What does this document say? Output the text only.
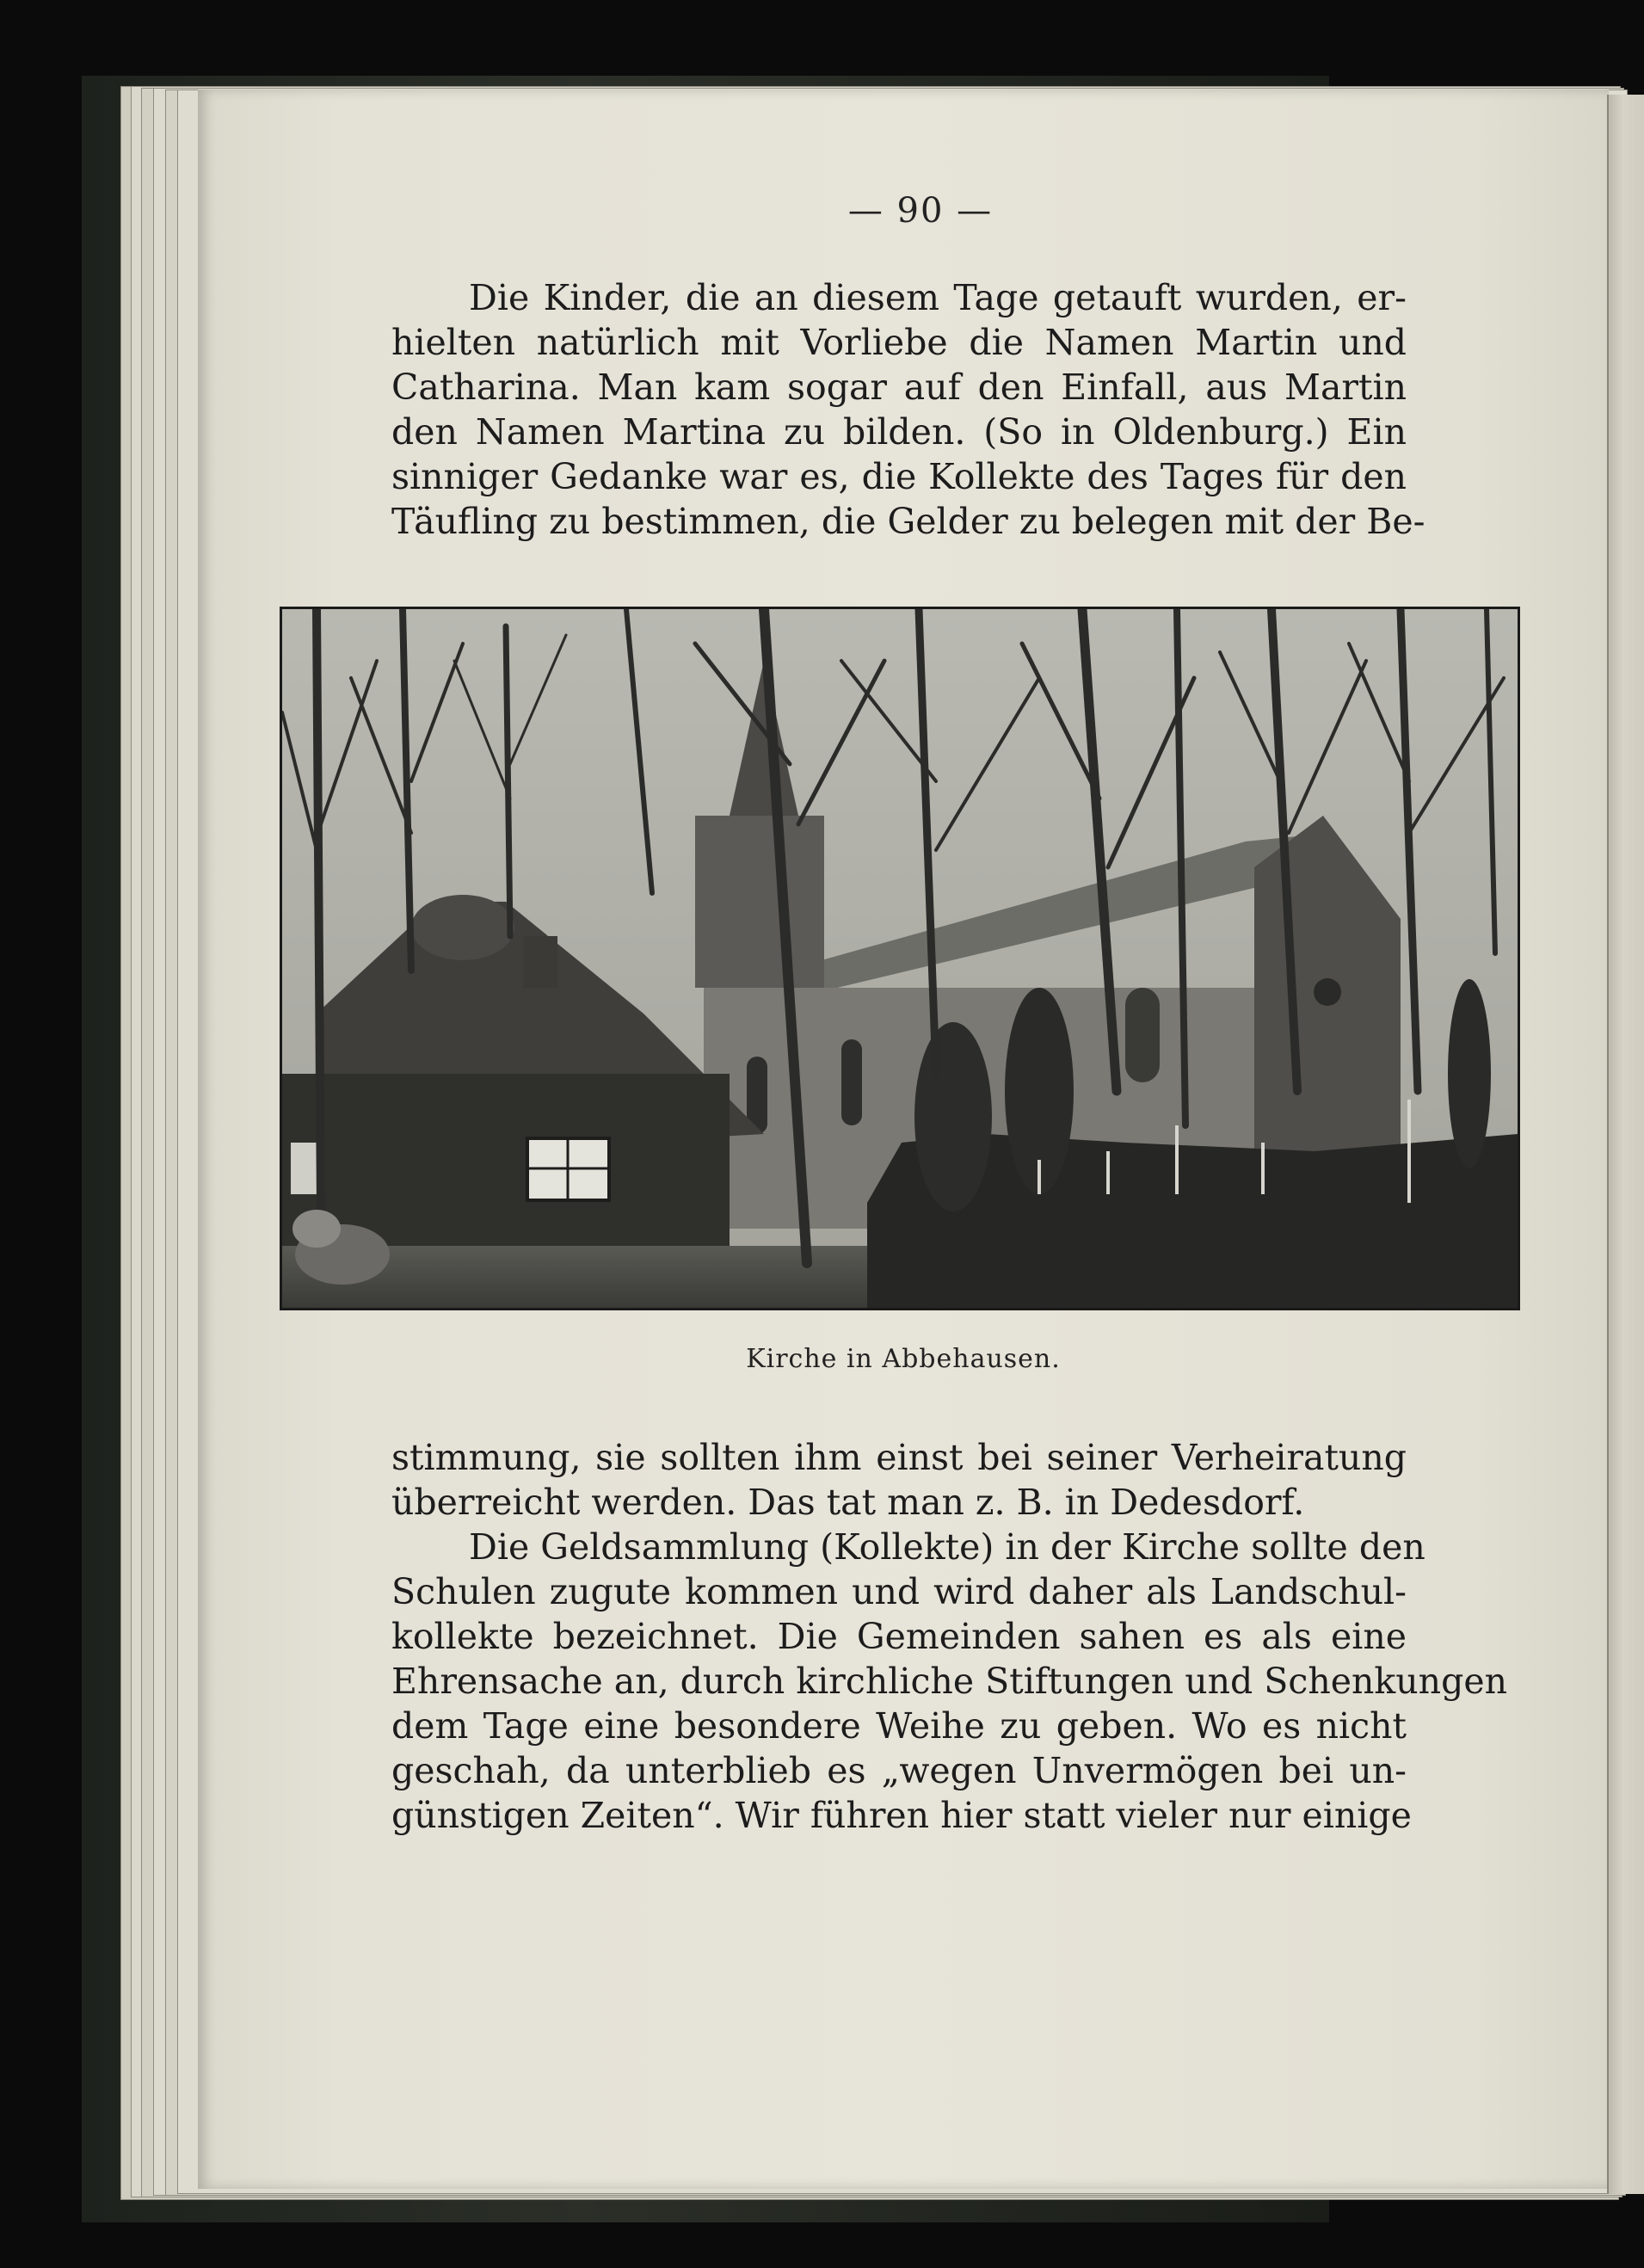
— 90 —
Die Kinder, die an diesem Tage getauft wurden, er-
hielten natürlich mit Vorliebe die Namen Martin und
Catharina. Man kam sogar auf den Einfall, aus Martin
den Namen Martina zu bilden. (So in Oldenburg.) Ein
sinniger Gedanke war es, die Kollekte des Tages für den
Täufling zu bestimmen, die Gelder zu belegen mit der Be-
Kirche in Abbehausen.
stimmung, sie sollten ihm einst bei seiner Verheiratung
überreicht werden. Das tat man z. B. in Dedesdorf.
Die Geldsammlung (Kollekte) in der Kirche sollte den
Schulen zugute kommen und wird daher als Landschul-
kollekte bezeichnet. Die Gemeinden sahen es als eine
Ehrensache an, durch kirchliche Stiftungen und Schenkungen
dem Tage eine besondere Weihe zu geben. Wo es nicht
geschah, da unterblieb es „wegen Unvermögen bei un-
günstigen Zeiten“. Wir führen hier statt vieler nur einige
